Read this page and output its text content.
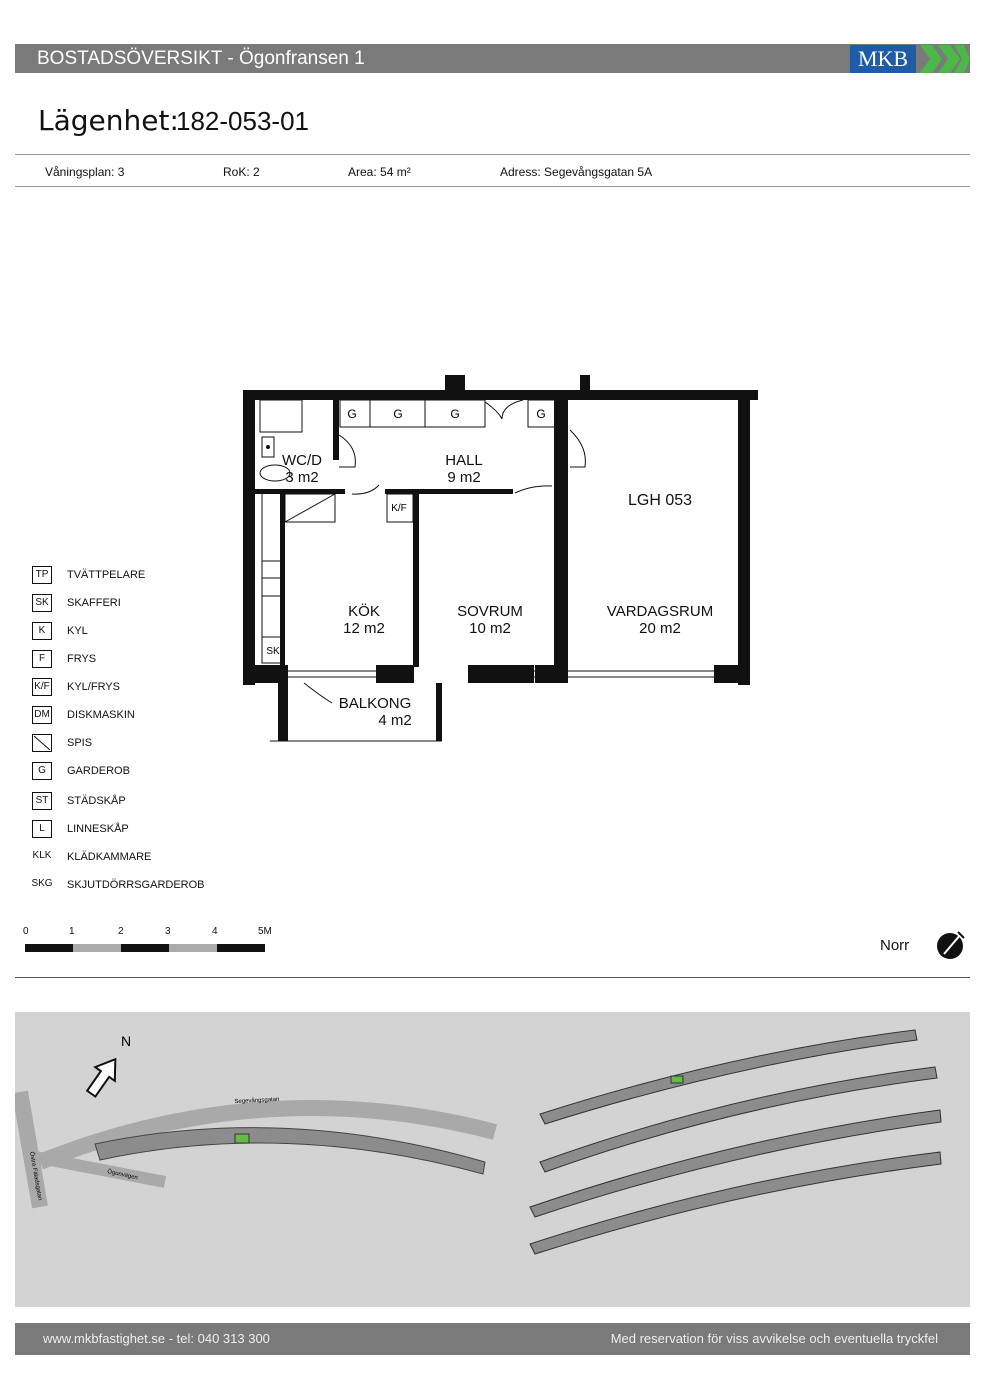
BOSTADSÖVERSIKT - Ögonfransen 1	MKB
Lägenhet:
182-053-01
Våningsplan: 3	RoK: 2	Area: 54 m²	Adress: Segevångsgatan 5A
G	G	G	G
K/F
SK
WC/D
3 m2
HALL
9 m2
LGH 053
KÖK
12 m2
SOVRUM
10 m2
VARDAGSRUM
20 m2
BALKONG
4 m2
TP	TVÄTTPELARE
SK	SKAFFERI
K	KYL
F	FRYS
K/F KYL/FRYS
DM DISKMASKIN
SPIS
G	GARDEROB
ST	STÄDSKÅP
L	LINNESKÅP
KLK	KLÄDKAMMARE
SKG	SKJUTDÖRRSGARDEROB
0	1	2	3	4	5M
Norr
N
Segevångsgatan
Östra Fäladsgatan	Ögonvägen
www.mkbfastighet.se - tel: 040 313 300	Med reservation för viss avvikelse och eventuella tryckfel
